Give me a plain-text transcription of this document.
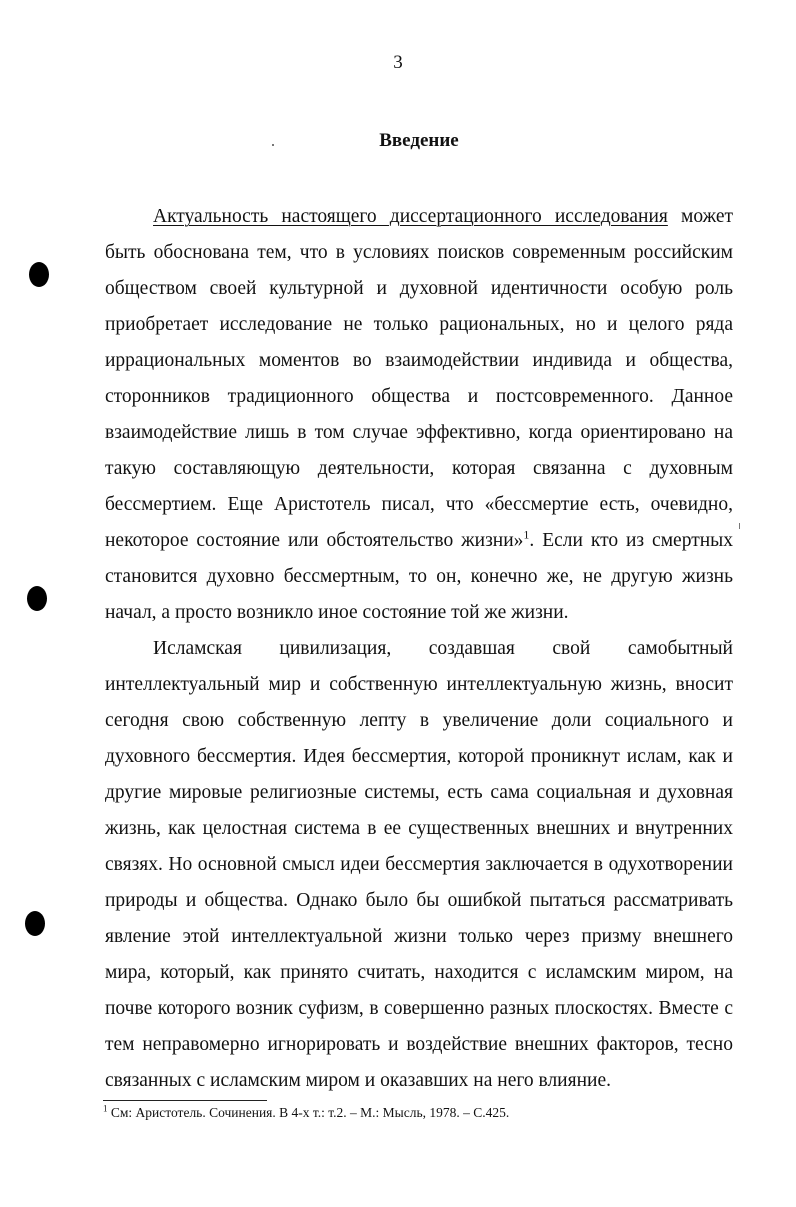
3
Введение

Актуальность настоящего диссертационного исследования может быть обоснована тем, что в условиях поисков современным российским обществом своей культурной и духовной идентичности особую роль приобретает исследование не только рациональных, но и целого ряда иррациональных моментов во взаимодействии индивида и общества, сторонников традиционного общества и постсовременного. Данное взаимодействие лишь в том случае эффективно, когда ориентировано на такую составляющую деятельности, которая связанна с духовным бессмертием. Еще Аристотель писал, что «бессмертие есть, очевидно, некоторое состояние или обстоятельство жизни»$^1$. Если кто из смертных становится духовно бессмертным, то он, конечно же, не другую жизнь начал, а просто возникло иное состояние той же жизни.

Исламская цивилизация, создавшая свой самобытный интеллектуальный мир и собственную интеллектуальную жизнь, вносит сегодня свою собственную лепту в увеличение доли социального и духовного бессмертия. Идея бессмертия, которой проникнут ислам, как и другие мировые религиозные системы, есть сама социальная и духовная жизнь, как целостная система в ее существенных внешних и внутренних связях. Но основной смысл идеи бессмертия заключается в одухотворении природы и общества. Однако было бы ошибкой пытаться рассматривать явление этой интеллектуальной жизни только через призму внешнего мира, который, как принято считать, находится с исламским миром, на почве которого возник суфизм, в совершенно разных плоскостях. Вместе с тем неправомерно игнорировать и воздействие внешних факторов, тесно связанных с исламским миром и оказавших на него влияние.

$^1$ См: Аристотель. Сочинения. В 4-х т.: т.2. – М.: Мысль, 1978. – С.425.
